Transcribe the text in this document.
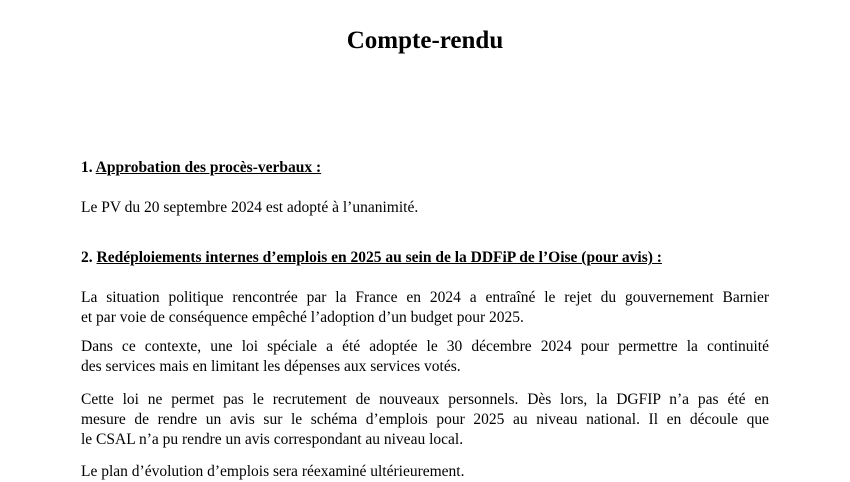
Compte-rendu
1. Approbation des procès-verbaux :
Le PV du 20 septembre 2024 est adopté à l’unanimité.
2. Redéploiements internes d’emplois en 2025 au sein de la DDFiP de l’Oise (pour avis) :
La situation politique rencontrée par la France en 2024 a entraîné le rejet du gouvernement Barnier
et par voie de conséquence empêché l’adoption d’un budget pour 2025.
Dans ce contexte, une loi spéciale a été adoptée le 30 décembre 2024 pour permettre la continuité
des services mais en limitant les dépenses aux services votés.
Cette loi ne permet pas le recrutement de nouveaux personnels. Dès lors, la DGFIP n’a pas été en
mesure de rendre un avis sur le schéma d’emplois pour 2025 au niveau national. Il en découle que
le CSAL n’a pu rendre un avis correspondant au niveau local.
Le plan d’évolution d’emplois sera réexaminé ultérieurement.
